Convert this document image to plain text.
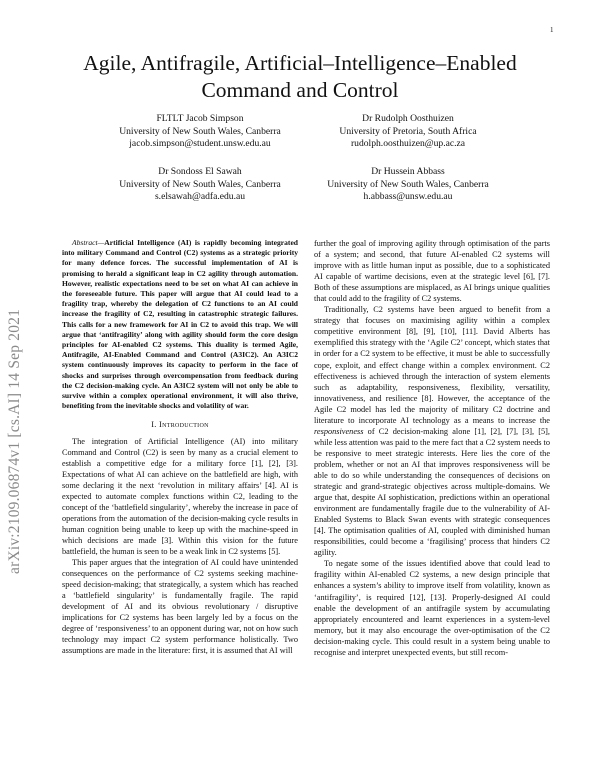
1
arXiv:2109.06874v1 [cs.AI] 14 Sep 2021
Agile, Antifragile, Artificial–Intelligence–Enabled Command and Control
FLTLT Jacob Simpson
University of New South Wales, Canberra
jacob.simpson@student.unsw.edu.au
Dr Rudolph Oosthuizen
University of Pretoria, South Africa
rudolph.oosthuizen@up.ac.za
Dr Sondoss El Sawah
University of New South Wales, Canberra
s.elsawah@adfa.edu.au
Dr Hussein Abbass
University of New South Wales, Canberra
h.abbass@unsw.edu.au

Abstract—Artificial Intelligence (AI) is rapidly becoming integrated into military Command and Control (C2) systems as a strategic priority for many defence forces. The successful implementation of AI is promising to herald a significant leap in C2 agility through automation. However, realistic expectations need to be set on what AI can achieve in the foreseeable future. This paper will argue that AI could lead to a fragility trap, whereby the delegation of C2 functions to an AI could increase the fragility of C2, resulting in catastrophic strategic failures. This calls for a new framework for AI in C2 to avoid this trap. We will argue that ‘antifragility’ along with agility should form the core design principles for AI-enabled C2 systems. This duality is termed Agile, Antifragile, AI-Enabled Command and Control (A3IC2). An A3IC2 system continuously improves its capacity to perform in the face of shocks and surprises through overcompensation from feedback during the C2 decision-making cycle. An A3IC2 system will not only be able to survive within a complex operational environment, it will also thrive, benefiting from the inevitable shocks and volatility of war.

I. Introduction

The integration of Artificial Intelligence (AI) into military Command and Control (C2) is seen by many as a crucial element to establish a competitive edge for a military force [1], [2], [3]. Expectations of what AI can achieve on the battlefield are high, with some declaring it the next ‘revolution in military affairs’ [4]. AI is expected to automate complex functions within C2, leading to the concept of the ‘battlefield singularity’, whereby the increase in pace of operations from the automation of the decision-making cycle results in human cognition being unable to keep up with the machine-speed in which decisions are made [3]. Within this vision for the future battlefield, the human is seen to be a weak link in C2 systems [5].

This paper argues that the integration of AI could have unintended consequences on the performance of C2 systems seeking machine-speed decision-making; that strategically, a system which has reached a ‘battlefield singularity’ is fundamentally fragile. The rapid development of AI and its obvious revolutionary / disruptive implications for C2 systems has been largely led by a focus on the degree of ‘responsiveness’ to an opponent during war, not on how such technology may impact C2 system performance holistically. Two assumptions are made in the literature: first, it is assumed that AI will

further the goal of improving agility through optimisation of the parts of a system; and second, that future AI-enabled C2 systems will improve with as little human input as possible, due to a sophisticated AI capable of wartime decisions, even at the strategic level [6], [7]. Both of these assumptions are misplaced, as AI brings unique qualities that could add to the fragility of C2 systems.

Traditionally, C2 systems have been argued to benefit from a strategy that focuses on maximising agility within a complex competitive environment [8], [9], [10], [11]. David Alberts has exemplified this strategy with the ‘Agile C2’ concept, which states that in order for a C2 system to be effective, it must be able to successfully cope, exploit, and effect change within a complex environment. C2 effectiveness is achieved through the interaction of system elements such as adaptability, responsiveness, flexibility, versatility, innovativeness, and resilience [8]. However, the acceptance of the Agile C2 model has led the majority of military C2 doctrine and literature to incorporate AI technology as a means to increase the responsiveness of C2 decision-making alone [1], [2], [7], [3], [5], while less attention was paid to the mere fact that a C2 system needs to be responsive to meet strategic interests. Here lies the core of the problem, whether or not an AI that improves responsiveness will be able to do so while understanding the consequences of decisions on strategic and grand-strategic objectives across multiple-domains. We argue that, despite AI sophistication, predictions within an operational environment are fundamentally fragile due to the vulnerability of AI-Enabled Systems to Black Swan events with strategic consequences [4]. The optimisation qualities of AI, coupled with diminished human responsibilities, could become a ‘fragilising’ process that hinders C2 agility.

To negate some of the issues identified above that could lead to fragility within AI-enabled C2 systems, a new design principle that enhances a system’s ability to improve itself from volatility, known as ‘antifragility’, is required [12], [13]. Properly-designed AI could enable the development of an antifragile system by accumulating appropriately encountered and learnt experiences in a system-level memory, but it may also encourage the over-optimisation of the C2 decision-making cycle. This could result in a system being unable to recognise and interpret unexpected events, but still recom-
